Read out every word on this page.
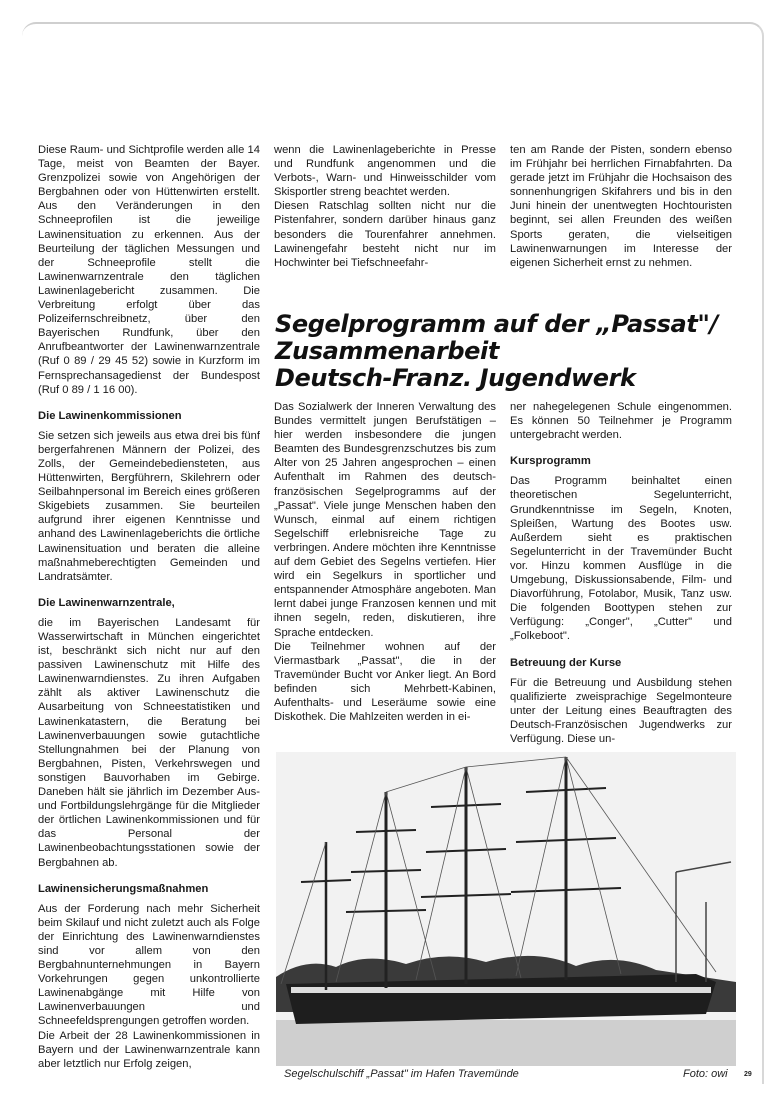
Diese Raum- und Sichtprofile werden alle 14 Tage, meist von Beamten der Bayer. Grenzpolizei sowie von Angehörigen der Bergbahnen oder von Hüttenwirten erstellt. Aus den Veränderungen in den Schneeprofilen ist die jeweilige Lawinensituation zu erkennen. Aus der Beurteilung der täglichen Messungen und der Schneeprofile stellt die Lawinenwarnzentrale den täglichen Lawinenlagebericht zusammen. Die Verbreitung erfolgt über das Polizeifernschreibnetz, über den Bayerischen Rundfunk, über den Anrufbeantworter der Lawinenwarnzentrale (Ruf 0 89 / 29 45 52) sowie in Kurzform im Fernsprechansagedienst der Bundespost (Ruf 0 89 / 1 16 00).

Die Lawinenkommissionen

Sie setzen sich jeweils aus etwa drei bis fünf bergerfahrenen Männern der Polizei, des Zolls, der Gemeindebediensteten, aus Hüttenwirten, Bergführern, Skilehrern oder Seilbahnpersonal im Bereich eines größeren Skigebiets zusammen. Sie beurteilen aufgrund ihrer eigenen Kenntnisse und anhand des Lawinenlageberichts die örtliche Lawinensituation und beraten die alleine maßnahmeberechtigten Gemeinden und Landratsämter.

Die Lawinenwarnzentrale,

die im Bayerischen Landesamt für Wasserwirtschaft in München eingerichtet ist, beschränkt sich nicht nur auf den passiven Lawinenschutz mit Hilfe des Lawinenwarndienstes. Zu ihren Aufgaben zählt als aktiver Lawinenschutz die Ausarbeitung von Schneestatistiken und Lawinenkatastern, die Beratung bei Lawinenverbauungen sowie gutachtliche Stellungnahmen bei der Planung von Bergbahnen, Pisten, Verkehrswegen und sonstigen Bauvorhaben im Gebirge. Daneben hält sie jährlich im Dezember Aus- und Fortbildungslehrgänge für die Mitglieder der örtlichen Lawinenkommissionen und für das Personal der Lawinenbeobachtungsstationen sowie der Bergbahnen ab.

Lawinensicherungsmaßnahmen

Aus der Forderung nach mehr Sicherheit beim Skilauf und nicht zuletzt auch als Folge der Einrichtung des Lawinenwarndienstes sind vor allem von den Bergbahnunternehmungen in Bayern Vorkehrungen gegen unkontrollierte Lawinenabgänge mit Hilfe von Lawinenverbauungen und Schneefeldsprengungen getroffen worden.

Die Arbeit der 28 Lawinenkommissionen in Bayern und der Lawinenwarnzentrale kann aber letztlich nur Erfolg zeigen,

wenn die Lawinenlageberichte in Presse und Rundfunk angenommen und die Verbots-, Warn- und Hinweisschilder vom Skisportler streng beachtet werden.

Diesen Ratschlag sollten nicht nur die Pistenfahrer, sondern darüber hinaus ganz besonders die Tourenfahrer annehmen. Lawinengefahr besteht nicht nur im Hochwinter bei Tiefschneefahr-

ten am Rande der Pisten, sondern ebenso im Frühjahr bei herrlichen Firnabfahrten. Da gerade jetzt im Frühjahr die Hochsaison des sonnenhungrigen Skifahrers und bis in den Juni hinein der unentwegten Hochtouristen beginnt, sei allen Freunden des weißen Sports geraten, die vielseitigen Lawinenwarnungen im Interesse der eigenen Sicherheit ernst zu nehmen.

Segelprogramm auf der „Passat"/
Zusammenarbeit
Deutsch-Franz. Jugendwerk

Das Sozialwerk der Inneren Verwaltung des Bundes vermittelt jungen Berufstätigen – hier werden insbesondere die jungen Beamten des Bundesgrenzschutzes bis zum Alter von 25 Jahren angesprochen – einen Aufenthalt im Rahmen des deutsch-französischen Segelprogramms auf der „Passat". Viele junge Menschen haben den Wunsch, einmal auf einem richtigen Segelschiff erlebnisreiche Tage zu verbringen. Andere möchten ihre Kenntnisse auf dem Gebiet des Segelns vertiefen. Hier wird ein Segelkurs in sportlicher und entspannender Atmosphäre angeboten. Man lernt dabei junge Franzosen kennen und mit ihnen segeln, reden, diskutieren, ihre Sprache entdecken.

Die Teilnehmer wohnen auf der Viermastbark „Passat", die in der Travemünder Bucht vor Anker liegt. An Bord befinden sich Mehrbett-Kabinen, Aufenthalts- und Leseräume sowie eine Diskothek. Die Mahlzeiten werden in ei-

ner nahegelegenen Schule eingenommen. Es können 50 Teilnehmer je Programm untergebracht werden.

Kursprogramm

Das Programm beinhaltet einen theoretischen Segelunterricht, Grundkenntnisse im Segeln, Knoten, Spleißen, Wartung des Bootes usw. Außerdem sieht es praktischen Segelunterricht in der Travemünder Bucht vor. Hinzu kommen Ausflüge in die Umgebung, Diskussionsabende, Film- und Diavorführung, Fotolabor, Musik, Tanz usw. Die folgenden Boottypen stehen zur Verfügung: „Conger", „Cutter" und „Folkeboot".

Betreuung der Kurse

Für die Betreuung und Ausbildung stehen qualifizierte zweisprachige Segelmonteure unter der Leitung eines Beauftragten des Deutsch-Französischen Jugendwerks zur Verfügung. Diese un-

Segelschulschiff „Passat" im Hafen Travemünde	Foto: owi 29
